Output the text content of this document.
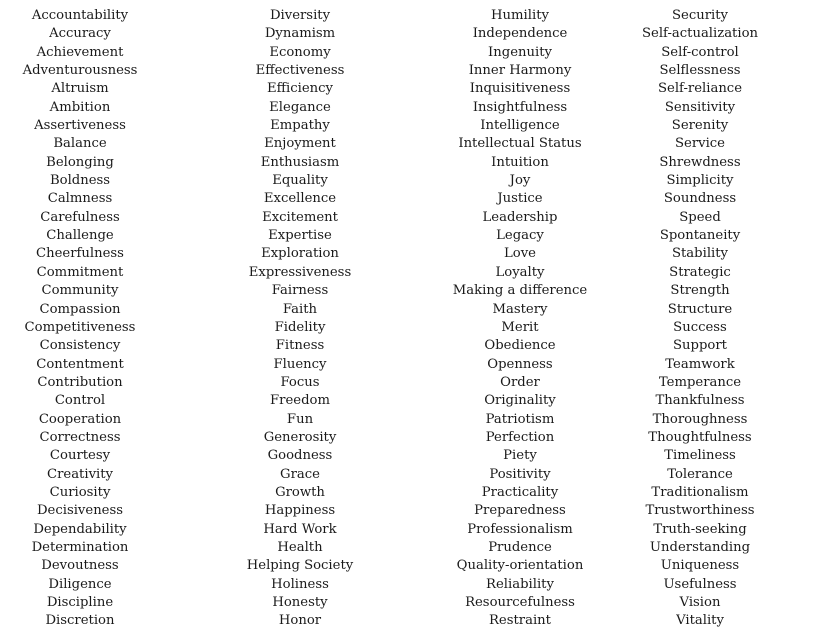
Accountability
Accuracy
Achievement
Adventurousness
Altruism
Ambition
Assertiveness
Balance
Belonging
Boldness
Calmness
Carefulness
Challenge
Cheerfulness
Commitment
Community
Compassion
Competitiveness
Consistency
Contentment
Contribution
Control
Cooperation
Correctness
Courtesy
Creativity
Curiosity
Decisiveness
Dependability
Determination
Devoutness
Diligence
Discipline
Discretion
Diversity
Dynamism
Economy
Effectiveness
Efficiency
Elegance
Empathy
Enjoyment
Enthusiasm
Equality
Excellence
Excitement
Expertise
Exploration
Expressiveness
Fairness
Faith
Fidelity
Fitness
Fluency
Focus
Freedom
Fun
Generosity
Goodness
Grace
Growth
Happiness
Hard Work
Health
Helping Society
Holiness
Honesty
Honor
Humility
Independence
Ingenuity
Inner Harmony
Inquisitiveness
Insightfulness
Intelligence
Intellectual Status
Intuition
Joy
Justice
Leadership
Legacy
Love
Loyalty
Making a difference
Mastery
Merit
Obedience
Openness
Order
Originality
Patriotism
Perfection
Piety
Positivity
Practicality
Preparedness
Professionalism
Prudence
Quality-orientation
Reliability
Resourcefulness
Restraint
Security
Self-actualization
Self-control
Selflessness
Self-reliance
Sensitivity
Serenity
Service
Shrewdness
Simplicity
Soundness
Speed
Spontaneity
Stability
Strategic
Strength
Structure
Success
Support
Teamwork
Temperance
Thankfulness
Thoroughness
Thoughtfulness
Timeliness
Tolerance
Traditionalism
Trustworthiness
Truth-seeking
Understanding
Uniqueness
Usefulness
Vision
Vitality
